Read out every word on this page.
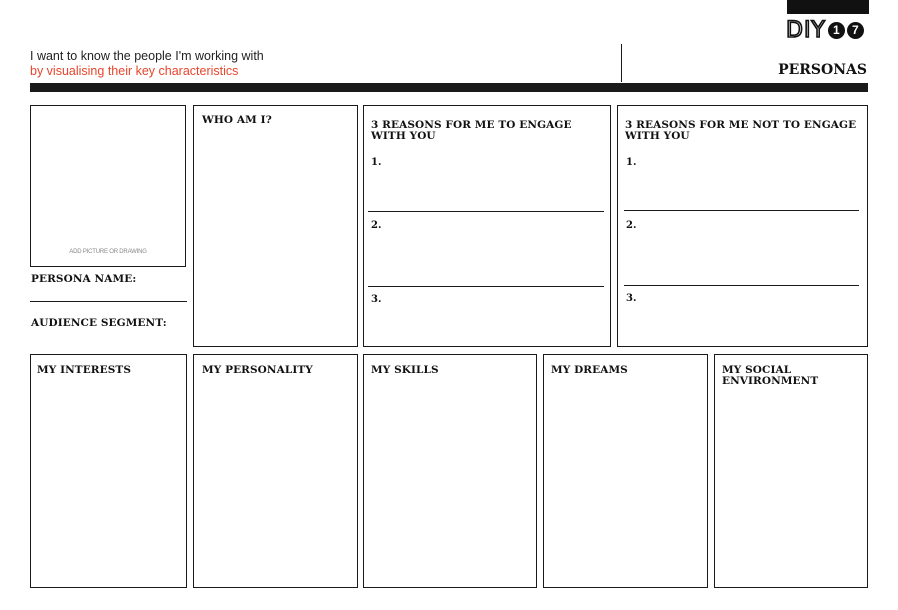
DIY 1 7
I want to know the people I'm working with
by visualising their key characteristics	PERSONAS
ADD PICTURE OR DRAWING
PERSONA NAME:
AUDIENCE SEGMENT:
WHO AM I?	3 REASONS FOR ME TO ENGAGE
WITH YOU
1.
2.
3.
3 REASONS FOR ME NOT TO ENGAGE
WITH YOU
1.
2.
3.
MY INTERESTS	MY PERSONALITY	MY SKILLS	MY DREAMS	MY SOCIAL
ENVIRONMENT
